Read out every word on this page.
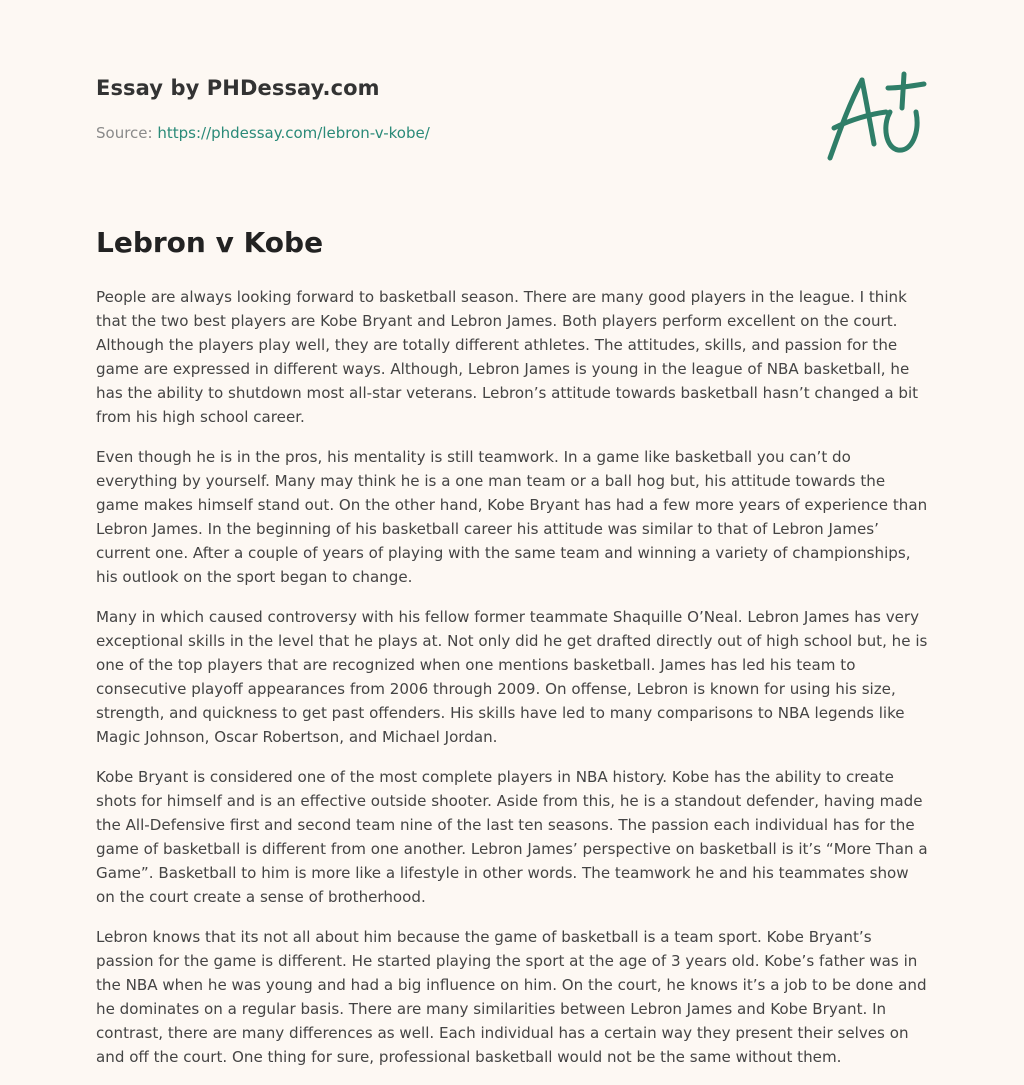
Essay by PHDessay.com

Source: https://phdessay.com/lebron-v-kobe/

Lebron v Kobe

People are always looking forward to basketball season. There are many good players in the league. I think that the two best players are Kobe Bryant and Lebron James. Both players perform excellent on the court. Although the players play well, they are totally different athletes. The attitudes, skills, and passion for the game are expressed in different ways. Although, Lebron James is young in the league of NBA basketball, he has the ability to shutdown most all-star veterans. Lebron’s attitude towards basketball hasn’t changed a bit from his high school career.

Even though he is in the pros, his mentality is still teamwork. In a game like basketball you can’t do everything by yourself. Many may think he is a one man team or a ball hog but, his attitude towards the game makes himself stand out. On the other hand, Kobe Bryant has had a few more years of experience than Lebron James. In the beginning of his basketball career his attitude was similar to that of Lebron James’ current one. After a couple of years of playing with the same team and winning a variety of championships, his outlook on the sport began to change.

Many in which caused controversy with his fellow former teammate Shaquille O’Neal. Lebron James has very exceptional skills in the level that he plays at. Not only did he get drafted directly out of high school but, he is one of the top players that are recognized when one mentions basketball. James has led his team to consecutive playoff appearances from 2006 through 2009. On offense, Lebron is known for using his size, strength, and quickness to get past offenders. His skills have led to many comparisons to NBA legends like Magic Johnson, Oscar Robertson, and Michael Jordan.

Kobe Bryant is considered one of the most complete players in NBA history. Kobe has the ability to create shots for himself and is an effective outside shooter. Aside from this, he is a standout defender, having made the All-Defensive first and second team nine of the last ten seasons. The passion each individual has for the game of basketball is different from one another. Lebron James’ perspective on basketball is it’s “More Than a Game”. Basketball to him is more like a lifestyle in other words. The teamwork he and his teammates show on the court create a sense of brotherhood.

Lebron knows that its not all about him because the game of basketball is a team sport. Kobe Bryant’s passion for the game is different. He started playing the sport at the age of 3 years old. Kobe’s father was in the NBA when he was young and had a big influence on him. On the court, he knows it’s a job to be done and he dominates on a regular basis. There are many similarities between Lebron James and Kobe Bryant. In contrast, there are many differences as well. Each individual has a certain way they present their selves on and off the court. One thing for sure, professional basketball would not be the same without them.
